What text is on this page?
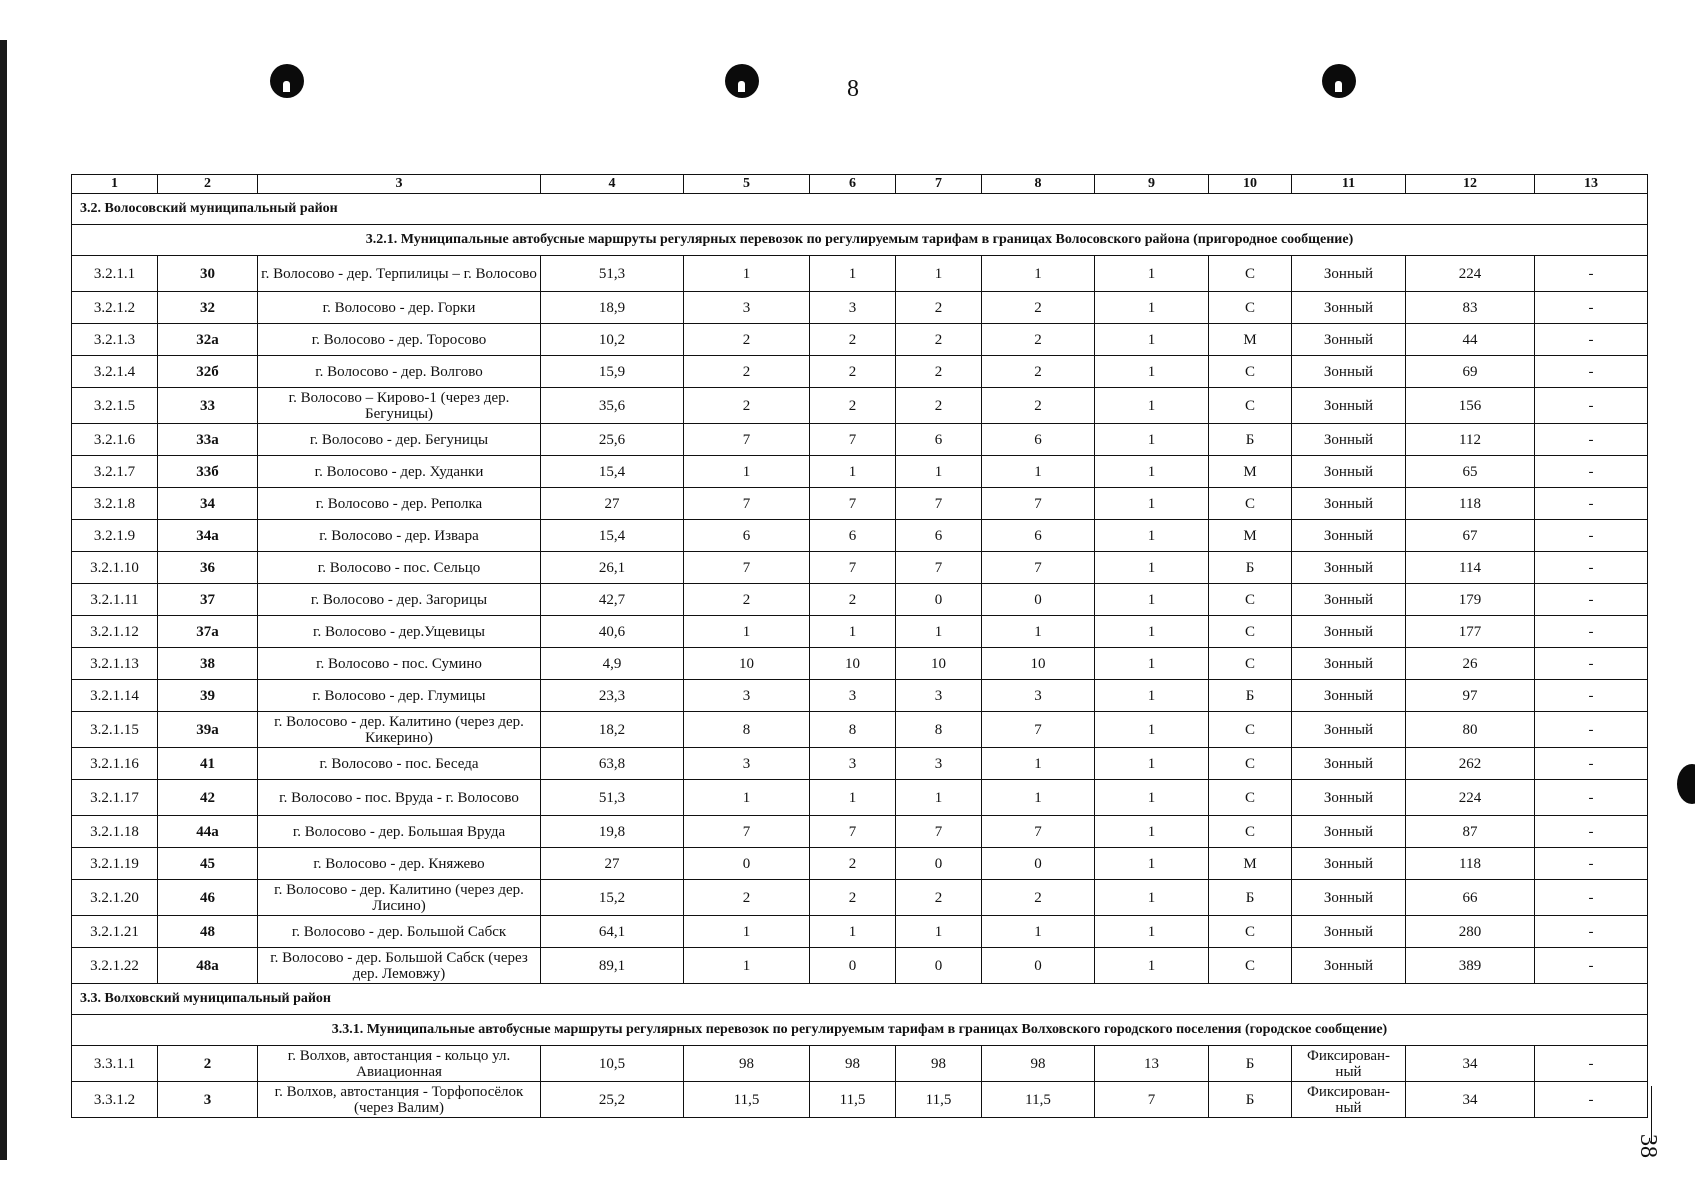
8
38
1	2	3	4	5	6	7	8	9	10	11	12	13
3.2. Волосовский муниципальный район												
3.2.1. Муниципальные автобусные маршруты регулярных перевозок по регулируемым тарифам в границах Волосовского района (пригородное сообщение)												
3.2.1.1	30	г. Волосово - дер. Терпилицы – г. Волосово	51,3	1	1	1	1	1	С	Зонный	224	-
3.2.1.2	32	г. Волосово - дер. Горки	18,9	3	3	2	2	1	С	Зонный	83	-
3.2.1.3	32а	г. Волосово - дер. Торосово	10,2	2	2	2	2	1	М	Зонный	44	-
3.2.1.4	32б	г. Волосово - дер. Волгово	15,9	2	2	2	2	1	С	Зонный	69	-
3.2.1.5	33	г. Волосово – Кирово-1 (через дер. Бегуницы)	35,6	2	2	2	2	1	С	Зонный	156	-
3.2.1.6	33а	г. Волосово - дер. Бегуницы	25,6	7	7	6	6	1	Б	Зонный	112	-
3.2.1.7	33б	г. Волосово - дер. Худанки	15,4	1	1	1	1	1	М	Зонный	65	-
3.2.1.8	34	г. Волосово - дер. Реполка	27	7	7	7	7	1	С	Зонный	118	-
3.2.1.9	34а	г. Волосово - дер. Извара	15,4	6	6	6	6	1	М	Зонный	67	-
3.2.1.10	36	г. Волосово - пос. Сельцо	26,1	7	7	7	7	1	Б	Зонный	114	-
3.2.1.11	37	г. Волосово - дер. Загорицы	42,7	2	2	0	0	1	С	Зонный	179	-
3.2.1.12	37а	г. Волосово - дер.Ущевицы	40,6	1	1	1	1	1	С	Зонный	177	-
3.2.1.13	38	г. Волосово - пос. Сумино	4,9	10	10	10	10	1	С	Зонный	26	-
3.2.1.14	39	г. Волосово - дер. Глумицы	23,3	3	3	3	3	1	Б	Зонный	97	-
3.2.1.15	39а	г. Волосово - дер. Калитино (через дер. Кикерино)	18,2	8	8	8	7	1	С	Зонный	80	-
3.2.1.16	41	г. Волосово - пос. Беседа	63,8	3	3	3	1	1	С	Зонный	262	-
3.2.1.17	42	г. Волосово - пос. Вруда - г. Волосово	51,3	1	1	1	1	1	С	Зонный	224	-
3.2.1.18	44а	г. Волосово - дер. Большая Вруда	19,8	7	7	7	7	1	С	Зонный	87	-
3.2.1.19	45	г. Волосово - дер. Княжево	27	0	2	0	0	1	М	Зонный	118	-
3.2.1.20	46	г. Волосово - дер. Калитино (через дер. Лисино)	15,2	2	2	2	2	1	Б	Зонный	66	-
3.2.1.21	48	г. Волосово - дер. Большой Сабск	64,1	1	1	1	1	1	С	Зонный	280	-
3.2.1.22	48а	г. Волосово - дер. Большой Сабск (через дер. Лемовжу)	89,1	1	0	0	0	1	С	Зонный	389	-
3.3. Волховский муниципальный район												
3.3.1. Муниципальные автобусные маршруты регулярных перевозок по регулируемым тарифам в границах Волховского городского поселения (городское сообщение)												
3.3.1.1	2	г. Волхов, автостанция - кольцо ул. Авиационная	10,5	98	98	98	98	13	Б	Фиксирован-ный	34	-
3.3.1.2	3	г. Волхов, автостанция - Торфопосёлок (через Валим)	25,2	11,5	11,5	11,5	11,5	7	Б	Фиксирован-ный	34	-
